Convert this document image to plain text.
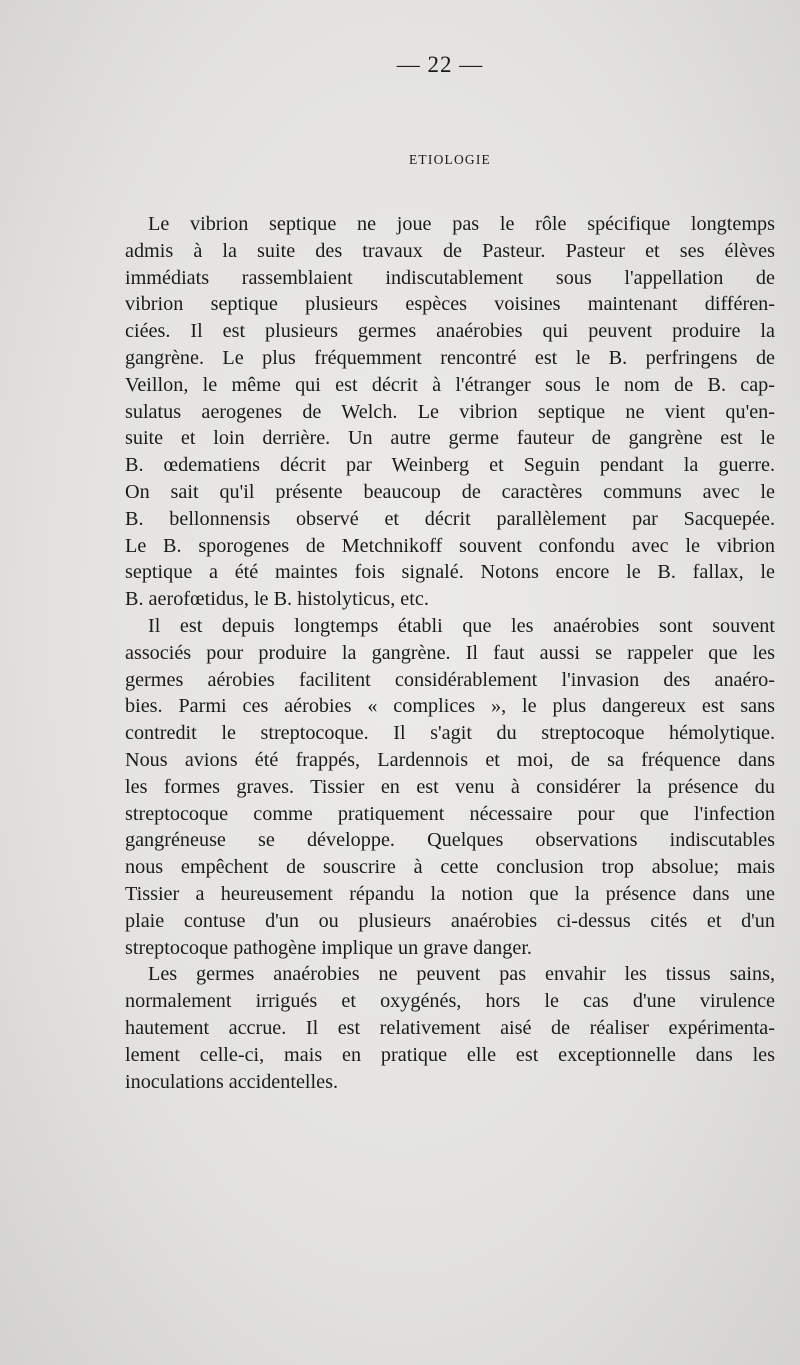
— 22 —
ETIOLOGIE
Le vibrion septique ne joue pas le rôle spécifique longtemps
admis à la suite des travaux de Pasteur. Pasteur et ses élèves
immédiats rassemblaient indiscutablement sous l'appellation de
vibrion septique plusieurs espèces voisines maintenant différen-
ciées. Il est plusieurs germes anaérobies qui peuvent produire la
gangrène. Le plus fréquemment rencontré est le B. perfringens de
Veillon, le même qui est décrit à l'étranger sous le nom de B. cap-
sulatus aerogenes de Welch. Le vibrion septique ne vient qu'en-
suite et loin derrière. Un autre germe fauteur de gangrène est le
B. œdematiens décrit par Weinberg et Seguin pendant la guerre.
On sait qu'il présente beaucoup de caractères communs avec le
B. bellonnensis observé et décrit parallèlement par Sacquepée.
Le B. sporogenes de Metchnikoff souvent confondu avec le vibrion
septique a été maintes fois signalé. Notons encore le B. fallax, le
B. aerofœtidus, le B. histolyticus, etc.
Il est depuis longtemps établi que les anaérobies sont souvent
associés pour produire la gangrène. Il faut aussi se rappeler que les
germes aérobies facilitent considérablement l'invasion des anaéro-
bies. Parmi ces aérobies « complices », le plus dangereux est sans
contredit le streptocoque. Il s'agit du streptocoque hémolytique.
Nous avions été frappés, Lardennois et moi, de sa fréquence dans
les formes graves. Tissier en est venu à considérer la présence du
streptocoque comme pratiquement nécessaire pour que l'infection
gangréneuse se développe. Quelques observations indiscutables
nous empêchent de souscrire à cette conclusion trop absolue; mais
Tissier a heureusement répandu la notion que la présence dans une
plaie contuse d'un ou plusieurs anaérobies ci-dessus cités et d'un
streptocoque pathogène implique un grave danger.
Les germes anaérobies ne peuvent pas envahir les tissus sains,
normalement irrigués et oxygénés, hors le cas d'une virulence
hautement accrue. Il est relativement aisé de réaliser expérimenta-
lement celle-ci, mais en pratique elle est exceptionnelle dans les
inoculations accidentelles.
